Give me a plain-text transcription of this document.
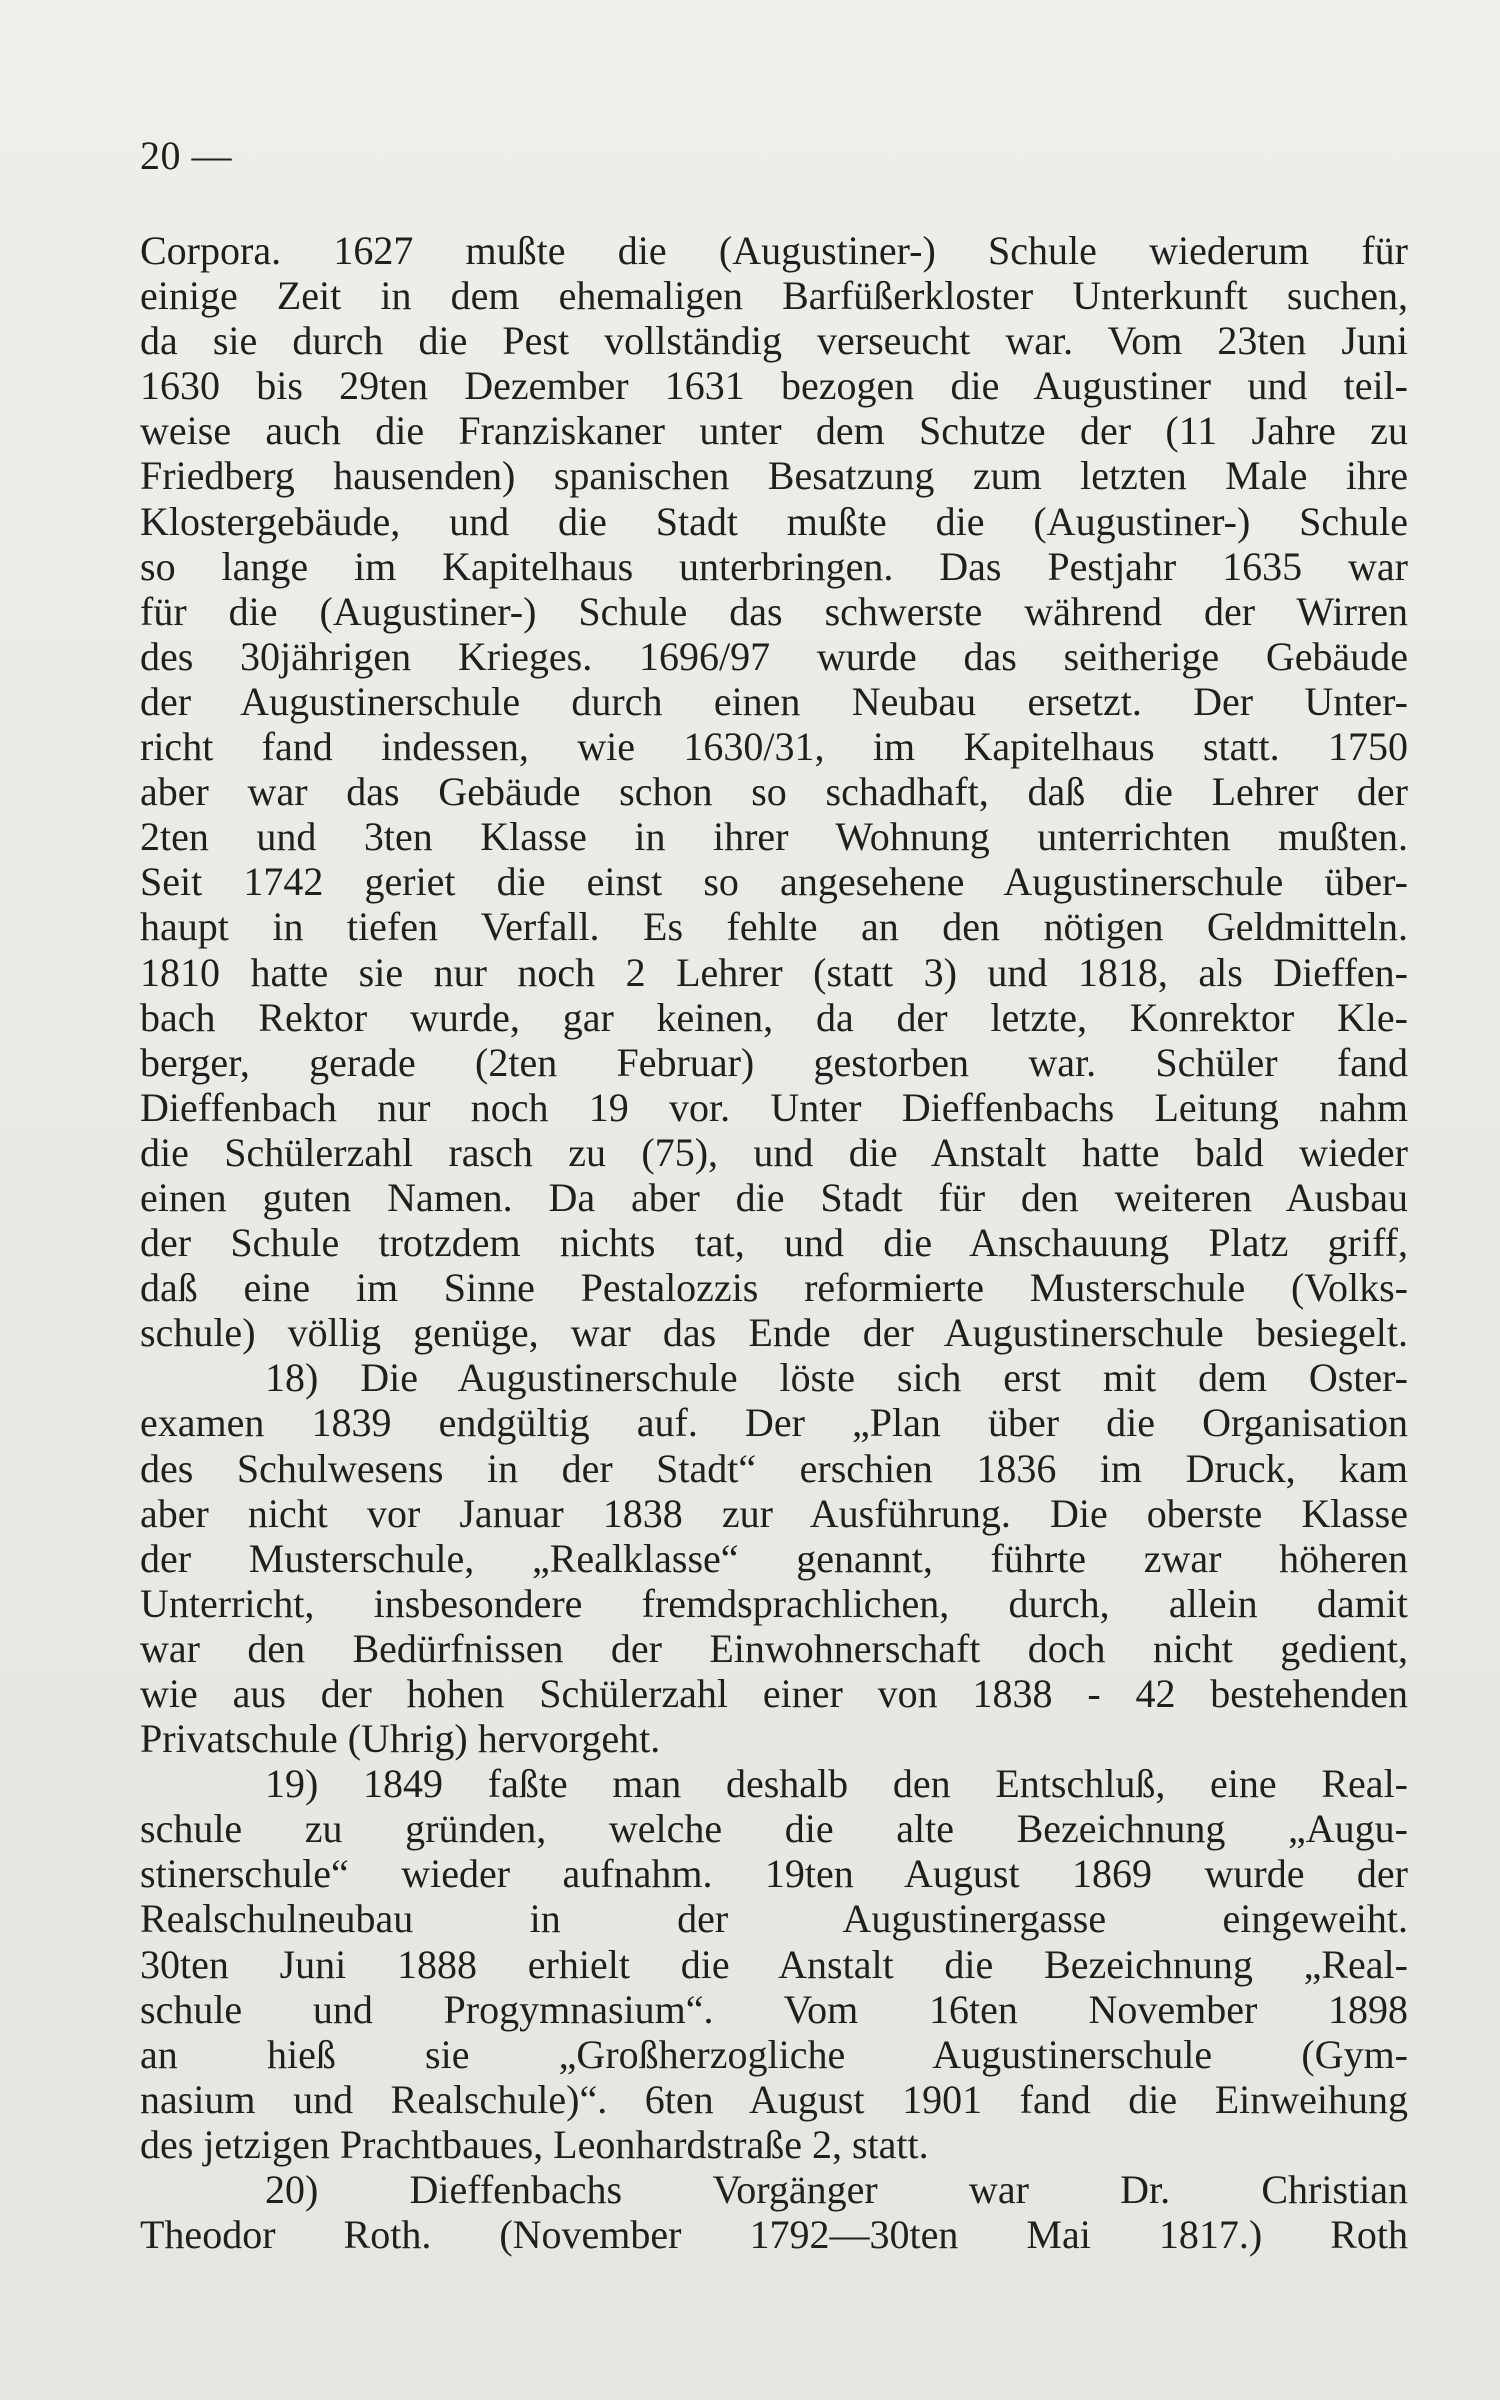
20 —
Corpora. 1627 mußte die (Augustiner-) Schule wiederum für
einige Zeit in dem ehemaligen Barfüßerkloster Unterkunft suchen,
da sie durch die Pest vollständig verseucht war. Vom 23ten Juni
1630 bis 29ten Dezember 1631 bezogen die Augustiner und teil-
weise auch die Franziskaner unter dem Schutze der (11 Jahre zu
Friedberg hausenden) spanischen Besatzung zum letzten Male ihre
Klostergebäude, und die Stadt mußte die (Augustiner-) Schule
so lange im Kapitelhaus unterbringen. Das Pestjahr 1635 war
für die (Augustiner-) Schule das schwerste während der Wirren
des 30jährigen Krieges. 1696/97 wurde das seitherige Gebäude
der Augustinerschule durch einen Neubau ersetzt. Der Unter-
richt fand indessen, wie 1630/31, im Kapitelhaus statt. 1750
aber war das Gebäude schon so schadhaft, daß die Lehrer der
2ten und 3ten Klasse in ihrer Wohnung unterrichten mußten.
Seit 1742 geriet die einst so angesehene Augustinerschule über-
haupt in tiefen Verfall. Es fehlte an den nötigen Geldmitteln.
1810 hatte sie nur noch 2 Lehrer (statt 3) und 1818, als Dieffen-
bach Rektor wurde, gar keinen, da der letzte, Konrektor Kle-
berger, gerade (2ten Februar) gestorben war. Schüler fand
Dieffenbach nur noch 19 vor. Unter Dieffenbachs Leitung nahm
die Schülerzahl rasch zu (75), und die Anstalt hatte bald wieder
einen guten Namen. Da aber die Stadt für den weiteren Ausbau
der Schule trotzdem nichts tat, und die Anschauung Platz griff,
daß eine im Sinne Pestalozzis reformierte Musterschule (Volks-
schule) völlig genüge, war das Ende der Augustinerschule besiegelt.
18) Die Augustinerschule löste sich erst mit dem Oster-
examen 1839 endgültig auf. Der „Plan über die Organisation
des Schulwesens in der Stadt“ erschien 1836 im Druck, kam
aber nicht vor Januar 1838 zur Ausführung. Die oberste Klasse
der Musterschule, „Realklasse“ genannt, führte zwar höheren
Unterricht, insbesondere fremdsprachlichen, durch, allein damit
war den Bedürfnissen der Einwohnerschaft doch nicht gedient,
wie aus der hohen Schülerzahl einer von 1838 - 42 bestehenden
Privatschule (Uhrig) hervorgeht.
19) 1849 faßte man deshalb den Entschluß, eine Real-
schule zu gründen, welche die alte Bezeichnung „Augu-
stinerschule“ wieder aufnahm. 19ten August 1869 wurde der
Realschulneubau in der Augustinergasse eingeweiht.
30ten Juni 1888 erhielt die Anstalt die Bezeichnung „Real-
schule und Progymnasium“. Vom 16ten November 1898
an hieß sie „Großherzogliche Augustinerschule (Gym-
nasium und Realschule)“. 6ten August 1901 fand die Einweihung
des jetzigen Prachtbaues, Leonhardstraße 2, statt.
20) Dieffenbachs Vorgänger war Dr. Christian
Theodor Roth. (November 1792—30ten Mai 1817.) Roth
